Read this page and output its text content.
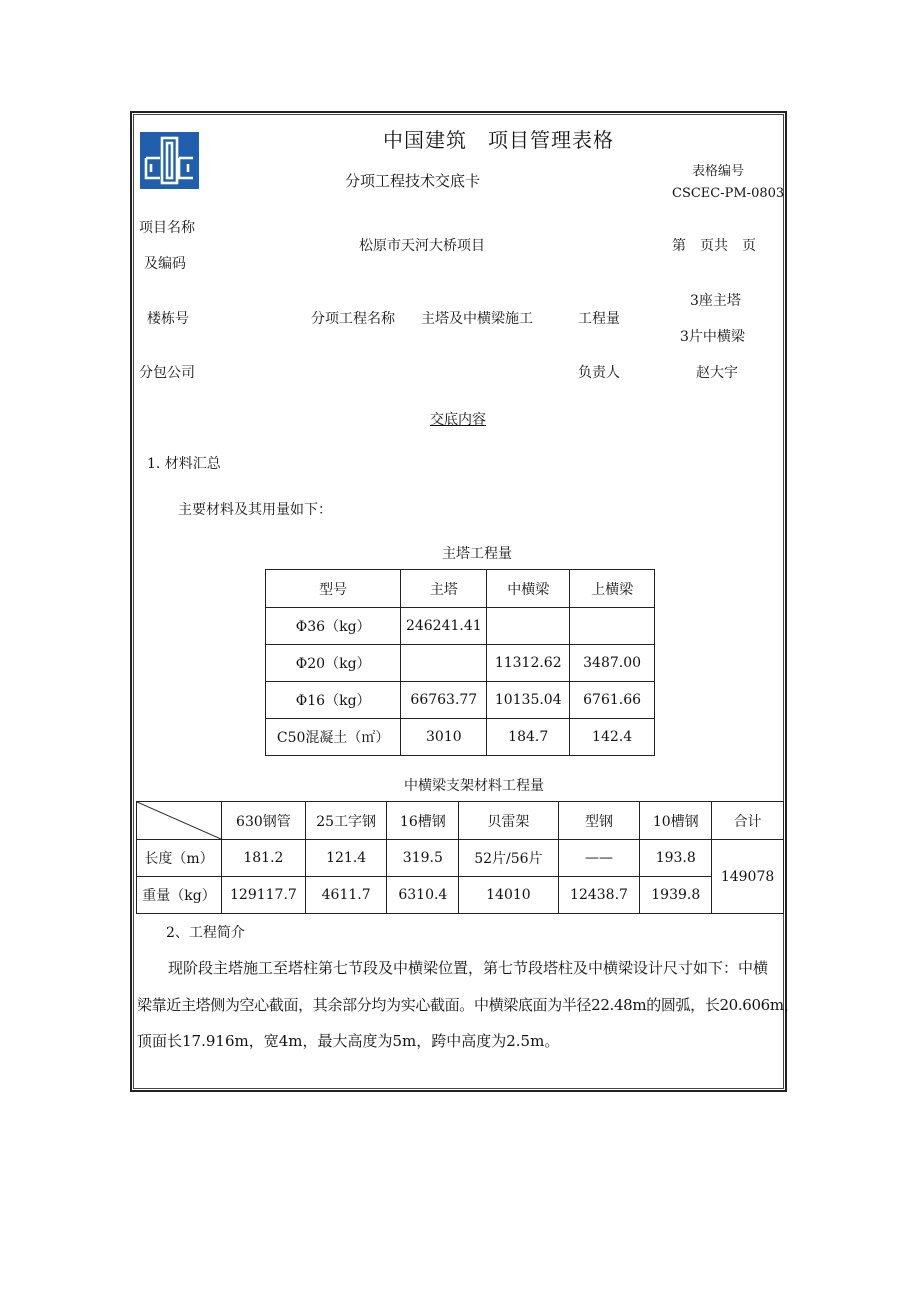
中国建筑　项目管理表格
分项工程技术交底卡
表格编号
CSCEC-PM-0803
项目名称
及编码
松原市天河大桥项目	第　页共　页
楼栋号	分项工程名称 主塔及中横梁施工	工程量
3座主塔
3片中横梁
分包公司	负责人	赵大宇
交底内容
1. 材料汇总
主要材料及其用量如下：
主塔工程量
型号	主塔	中横梁	上横梁
Φ36（kg）	246241.41		
Φ20（kg）		11312.62	3487.00
Φ16（kg）	66763.77	10135.04	6761.66
C50混凝土（㎡）	3010	184.7	142.4
中横梁支架材料工程量
	630钢管	25工字钢	16槽钢	贝雷架	型钢	10槽钢	合计
长度（m）	181.2	121.4	319.5	52片/56片	——	193.8	149078
重量（kg）	129117.7	4611.7	6310.4	14010	12438.7	1939.8	
2、工程简介
现阶段主塔施工至塔柱第七节段及中横梁位置，第七节段塔柱及中横梁设计尺寸如下：中横
梁靠近主塔侧为空心截面，其余部分均为实心截面。中横梁底面为半径22.48m的圆弧，长20.606m，
顶面长17.916m，宽4m，最大高度为5m，跨中高度为2.5m。
